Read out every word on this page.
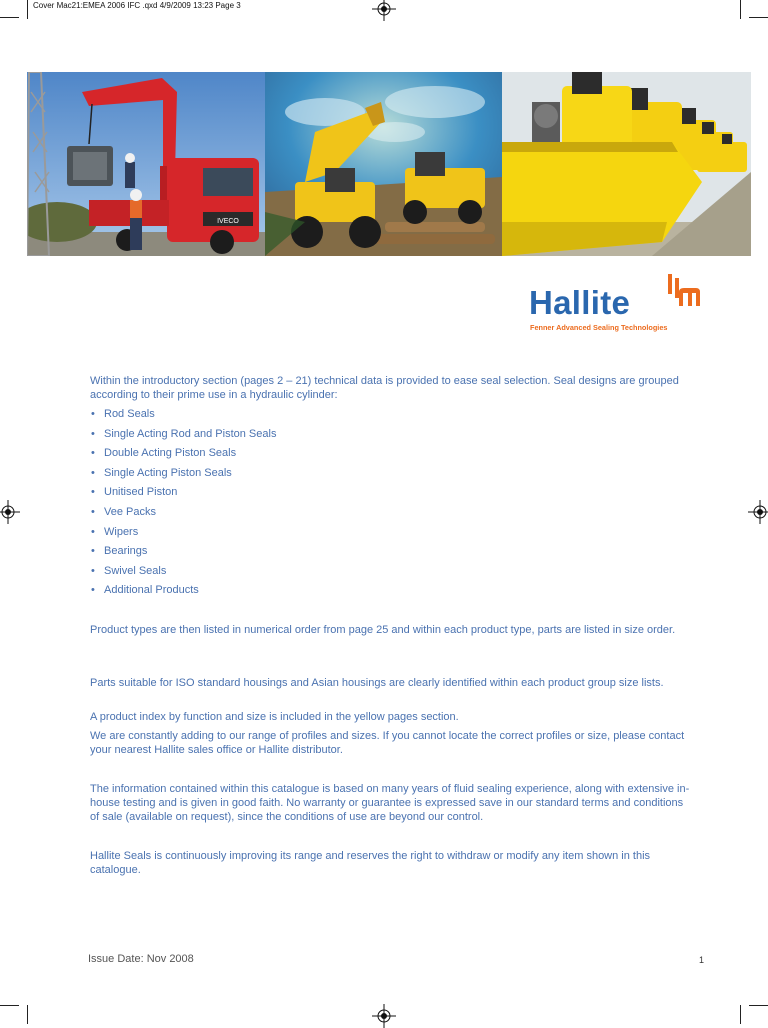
Cover Mac21:EMEA 2006 IFC .qxd 4/9/2009 13:23 Page 3
IVECO
Hallite
Fenner Advanced Sealing Technologies

Within the introductory section (pages 2 – 21) technical data is provided to ease seal selection. Seal designs are grouped according to their prime use in a hydraulic cylinder:

• Rod Seals
• Single Acting Rod and Piston Seals
• Double Acting Piston Seals
• Single Acting Piston Seals
• Unitised Piston
• Vee Packs
• Wipers
• Bearings
• Swivel Seals
• Additional Products

Product types are then listed in numerical order from page 25 and within each product type, parts are listed in size order.

Parts suitable for ISO standard housings and Asian housings are clearly identified within each product group size lists.

A product index by function and size is included in the yellow pages section.

We are constantly adding to our range of profiles and sizes. If you cannot locate the correct profiles or size, please contact your nearest Hallite sales office or Hallite distributor.

The information contained within this catalogue is based on many years of fluid sealing experience, along with extensive in-house testing and is given in good faith. No warranty or guarantee is expressed save in our standard terms and conditions of sale (available on request), since the conditions of use are beyond our control.

Hallite Seals is continuously improving its range and reserves the right to withdraw or modify any item shown in this catalogue.

Issue Date: Nov 2008	1
